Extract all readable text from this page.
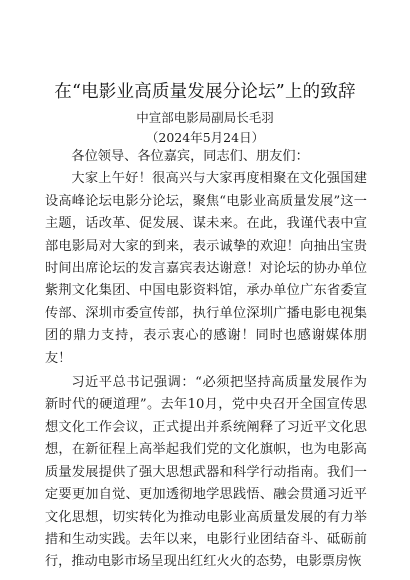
在“电影业高质量发展分论坛”上的致辞

中宣部电影局副局长毛羽

（2024年5月24日）

各位领导、各位嘉宾，同志们、朋友们：

大家上午好！很高兴与大家再度相聚在文化强国建设高峰论坛电影分论坛，聚焦“电影业高质量发展”这一主题，话改革、促发展、谋未来。在此，我谨代表中宣部电影局对大家的到来，表示诚挚的欢迎！向抽出宝贵时间出席论坛的发言嘉宾表达谢意！对论坛的协办单位紫荆文化集团、中国电影资料馆，承办单位广东省委宣传部、深圳市委宣传部，执行单位深圳广播电影电视集团的鼎力支持，表示衷心的感谢！同时也感谢媒体朋友！

习近平总书记强调：“必须把坚持高质量发展作为新时代的硬道理”。去年10月，党中央召开全国宣传思想文化工作会议，正式提出并系统阐释了习近平文化思想，在新征程上高举起我们党的文化旗帜，也为电影高质量发展提供了强大思想武器和科学行动指南。我们一定要更加自觉、更加透彻地学思践悟、融会贯通习近平文化思想，切实转化为推动电影业高质量发展的有力举措和生动实践。去年以来，电影行业团结奋斗、砥砺前行，推动电影市场呈现出红红火火的态势，电影票房恢
